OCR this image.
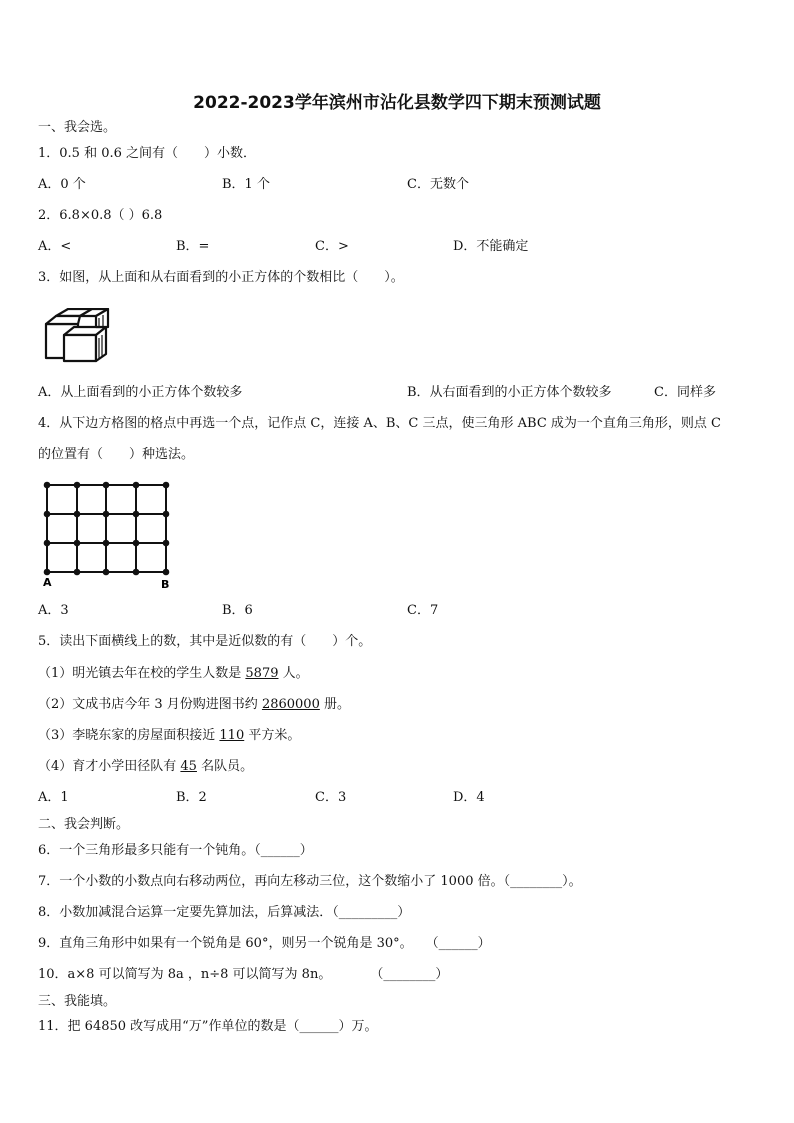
2022-2023学年滨州市沾化县数学四下期末预测试题
一、我会选。
1．0.5 和 0.6 之间有（　　）小数．
A．0 个	B．1 个	C．无数个
2．6.8×0.8（ ）6.8
A．<	B．=	C．>	D．不能确定
3．如图，从上面和从右面看到的小正方体的个数相比（　　）。
A．从上面看到的小正方体个数较多	B．从右面看到的小正方体个数较多	C．同样多
4．从下边方格图的格点中再选一个点，记作点 C，连接 A、B、C 三点，使三角形 ABC 成为一个直角三角形，则点 C
的位置有（　　）种选法。
A	B
A．3	B．6	C．7
5．读出下面横线上的数，其中是近似数的有（　　）个。
（1）明光镇去年在校的学生人数是 5879 人。
（2）文成书店今年 3 月份购进图书约 2860000 册。
（3）李晓东家的房屋面积接近 110 平方米。
（4）育才小学田径队有 45 名队员。
A．1	B．2	C．3	D．4
二、我会判断。
6．一个三角形最多只能有一个钝角。（______）
7．一个小数的小数点向右移动两位，再向左移动三位，这个数缩小了 1000 倍。（________）。
8．小数加减混合运算一定要先算加法，后算减法．（_________）
9．直角三角形中如果有一个锐角是 60°，则另一个锐角是 30°。　　（______）
10．a×8 可以简写为 8a ，n÷8 可以简写为 8n。　　　　（________）
三、我能填。
11．把 64850 改写成用“万”作单位的数是（______）万。
